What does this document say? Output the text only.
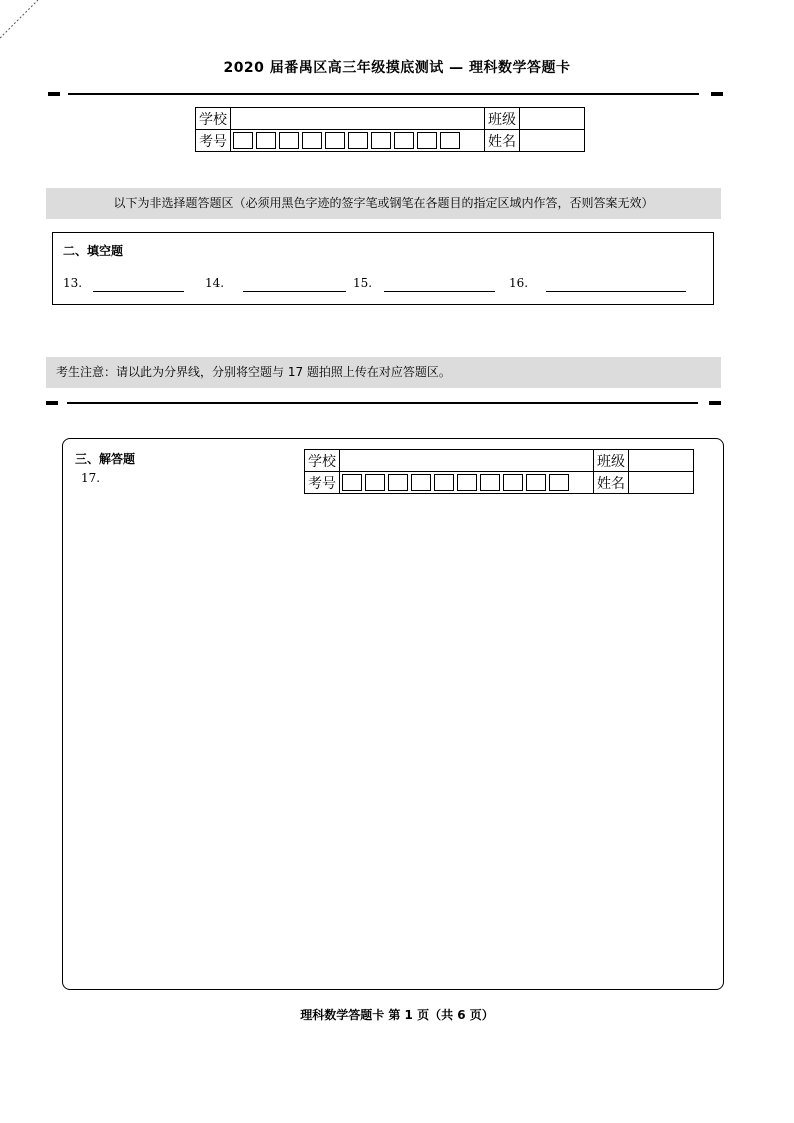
2020 届番禺区高三年级摸底测试 — 理科数学答题卡
学校		班级	
考号		姓名	
以下为非选择题答题区（必须用黑色字迹的签字笔或钢笔在各题目的指定区域内作答，否则答案无效）
二、填空题
13.	14.	15.	16.
考生注意：请以此为分界线，分别将空题与 17 题拍照上传在对应答题区。
三、解答题
17.
学校		班级	
考号		姓名	
理科数学答题卡 第 1 页（共 6 页）
